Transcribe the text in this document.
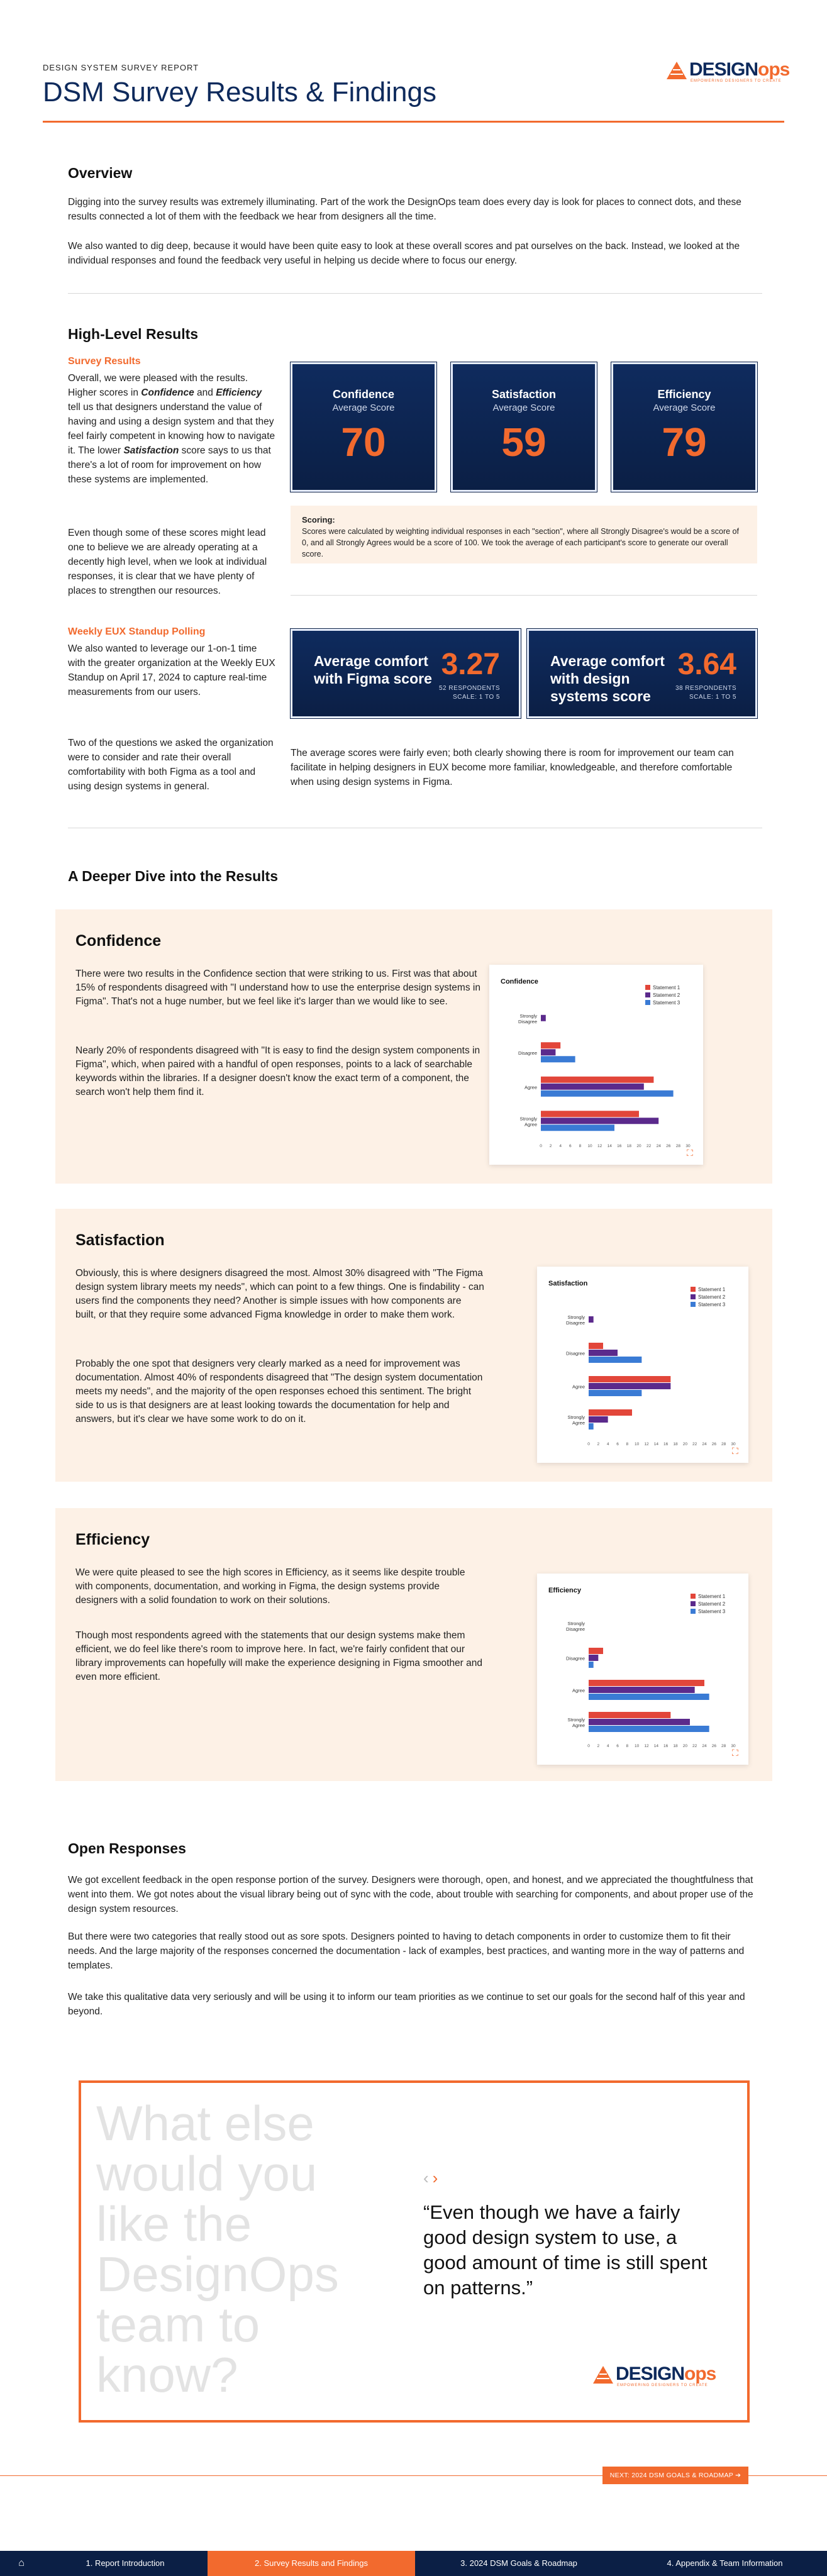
DESIGN SYSTEM SURVEY REPORT
DSM Survey Results & Findings
DESIGNops
EMPOWERING DESIGNERS TO CREATE
Overview

Digging into the survey results was extremely illuminating. Part of the work the DesignOps team does every day is look for places to connect dots, and these results connected a lot of them with the feedback we hear from designers all the time.

We also wanted to dig deep, because it would have been quite easy to look at these overall scores and pat ourselves on the back. Instead, we looked at the individual responses and found the feedback very useful in helping us decide where to focus our energy.

High-Level Results
Survey Results

Overall, we were pleased with the results. Higher scores in Confidence and Efficiency tell us that designers understand the value of having and using a design system and that they feel fairly competent in knowing how to navigate it. The lower Satisfaction score says to us that there's a lot of room for improvement on how these systems are implemented.

Even though some of these scores might lead one to believe we are already operating at a decently high level, when we look at individual responses, it is clear that we have plenty of places to strengthen our resources.

Confidence
Average Score
70
Satisfaction
Average Score
59
Efficiency
Average Score
79
Scoring:
Scores were calculated by weighting individual responses in each "section", where all Strongly Disagree's would be a score of 0, and all Strongly Agrees would be a score of 100. We took the average of each participant's score to generate our overall score.
Weekly EUX Standup Polling

We also wanted to leverage our 1-on-1 time with the greater organization at the Weekly EUX Standup on April 17, 2024 to capture real-time measurements from our users.

Two of the questions we asked the organization were to consider and rate their overall comfortability with both Figma as a tool and using design systems in general.

Average comfort with Figma score 3.27
52 RESPONDENTS
SCALE: 1 TO 5
Average comfort with design systems score
3.64
38 RESPONDENTS
SCALE: 1 TO 5

The average scores were fairly even; both clearly showing there is room for improvement our team can facilitate in helping designers in EUX become more familiar, knowledgeable, and therefore comfortable when using design systems in Figma.

A Deeper Dive into the Results
Confidence

There were two results in the Confidence section that were striking to us. First was that about 15% of respondents disagreed with "I understand how to use the enterprise design systems in Figma". That's not a huge number, but we feel like it's larger than we would like to see.

Nearly 20% of respondents disagreed with "It is easy to find the design system components in Figma", which, when paired with a handful of open responses, points to a lack of searchable keywords within the libraries. If a designer doesn't know the exact term of a component, the search won't help them find it.

Confidence
Statement 1
Statement 2
Statement 3
Strongly
Disagree
Disagree
Agree
Strongly
Agree
0 2 4 6 8 10 12 14 16 18 20 22 24 26 28 30
⛶
Satisfaction

Obviously, this is where designers disagreed the most. Almost 30% disagreed with "The Figma design system library meets my needs", which can point to a few things. One is findability - can users find the components they need? Another is simple issues with how components are built, or that they require some advanced Figma knowledge in order to make them work.

Probably the one spot that designers very clearly marked as a need for improvement was documentation. Almost 40% of respondents disagreed that "The design system documentation meets my needs", and the majority of the open responses echoed this sentiment. The bright side to us is that designers are at least looking towards the documentation for help and answers, but it's clear we have some work to do on it.

Satisfaction
Statement 1
Statement 2
Statement 3
Strongly
Disagree
Disagree
Agree
Strongly
Agree
0 2 4 6 8 10 12 14 16 18 20 22 24 26 28 30
⛶
Efficiency

We were quite pleased to see the high scores in Efficiency, as it seems like despite trouble with components, documentation, and working in Figma, the design systems provide designers with a solid foundation to work on their solutions.

Though most respondents agreed with the statements that our design systems make them efficient, we do feel like there's room to improve here. In fact, we're fairly confident that our library improvements can hopefully will make the experience designing in Figma smoother and even more efficient.

Efficiency
Statement 1
Statement 2
Statement 3
Strongly
Disagree
Disagree
Agree
Strongly
Agree
0 2 4 6 8 10 12 14 16 18 20 22 24 26 28 30
⛶
Open Responses

We got excellent feedback in the open response portion of the survey. Designers were thorough, open, and honest, and we appreciated the thoughtfulness that went into them. We got notes about the visual library being out of sync with the code, about trouble with searching for components, and about proper use of the design system resources.

But there were two categories that really stood out as sore spots. Designers pointed to having to detach components in order to customize them to fit their needs. And the large majority of the responses concerned the documentation - lack of examples, best practices, and wanting more in the way of patterns and templates.

We take this qualitative data very seriously and will be using it to inform our team priorities as we continue to set our goals for the second half of this year and beyond.

What else would you like the DesignOps team to know?
‹ ›
“Even though we have a fairly good design system to use, a good amount of time is still spent on patterns.”
DESIGNops
EMPOWERING DESIGNERS TO CREATE
NEXT: 2024 DSM GOALS & ROADMAP ➔
⌂	1. Report Introduction	2. Survey Results and Findings	3. 2024 DSM Goals & Roadmap	4. Appendix & Team Information
